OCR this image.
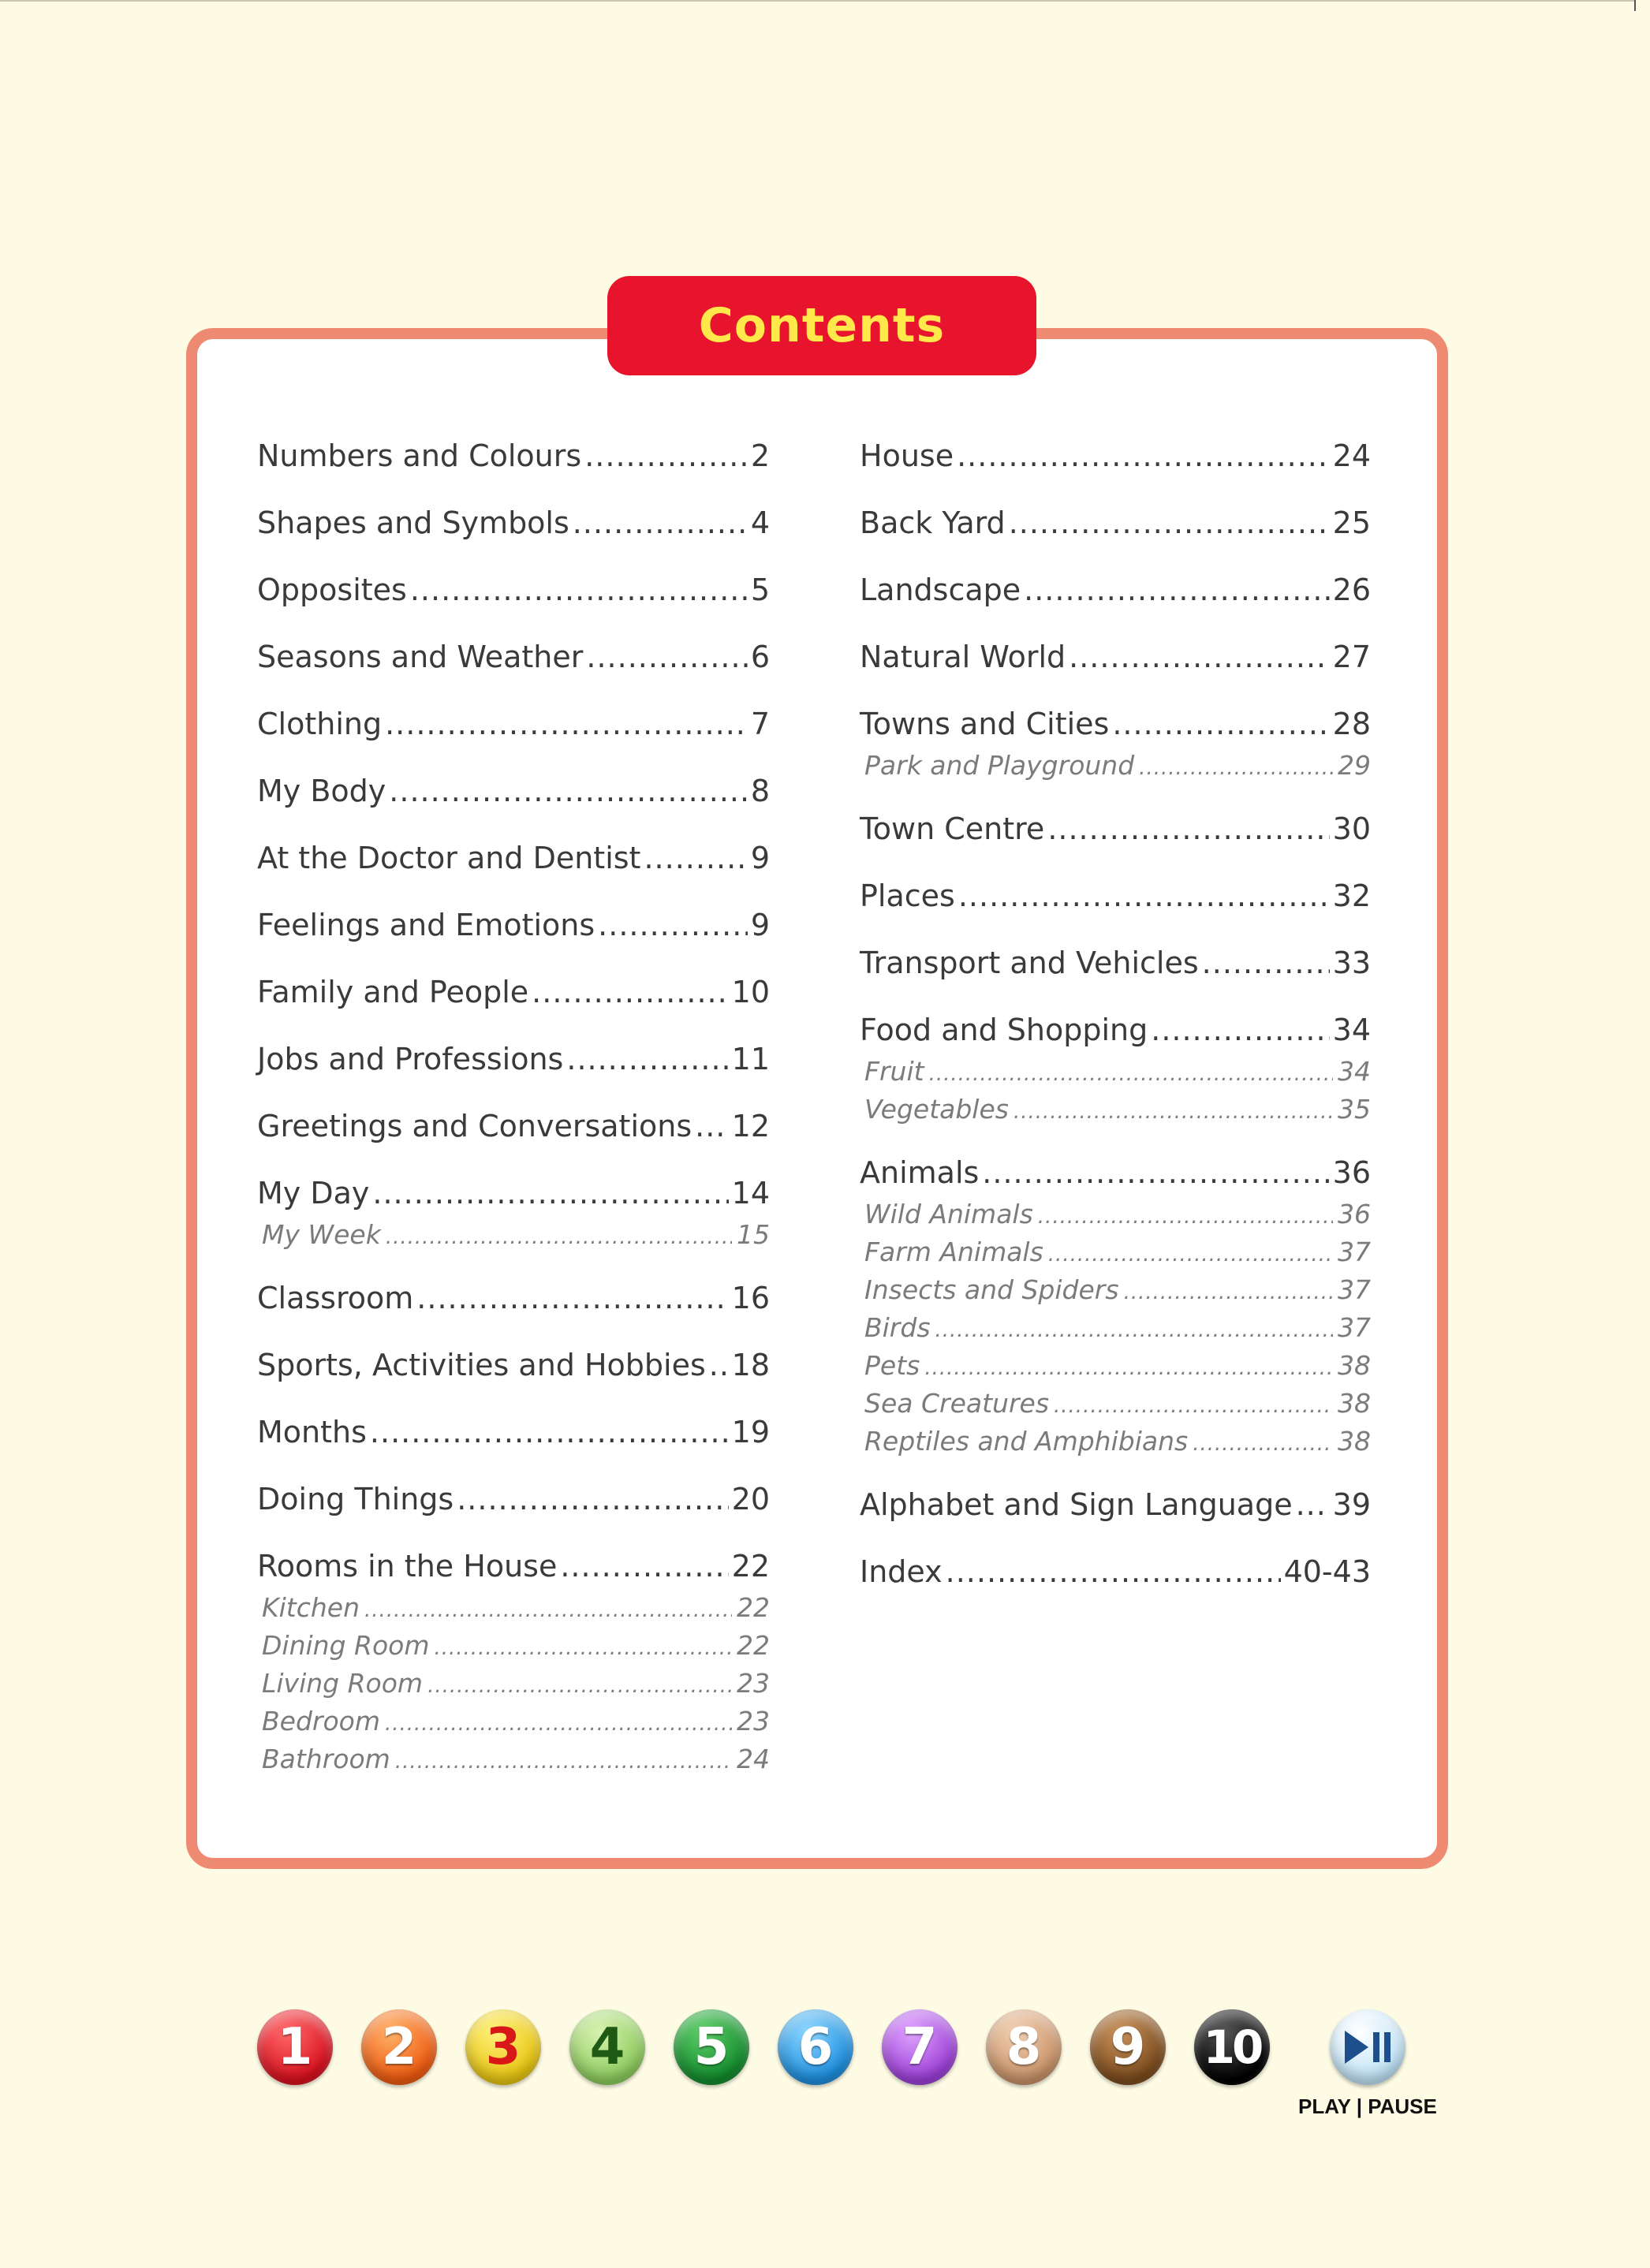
Contents
Numbers and Colours .....	2
Shapes and Symbols .....	4
Opposites .....	5
Seasons and Weather .....	6
Clothing .....	7
My Body .....	8
At the Doctor and Dentist .....	9
Feelings and Emotions .....	9
Family and People .....	10
Jobs and Professions .....	11
Greetings and Conversations ..... 12
My Day .....	14
My Week .....	15
Classroom .....	16
Sports, Activities and Hobbies ..... 18
Months .....	19
Doing Things .....	20
Rooms in the House .....	22
Kitchen .....	22
Dining Room .....	22
Living Room .....	23
Bedroom .....	23
Bathroom .....	24
House .....	24
Back Yard .....	25
Landscape .....	26
Natural World .....	27
Towns and Cities .....	28
Park and Playground .....	29
Town Centre .....	30
Places .....	32
Transport and Vehicles .....	33
Food and Shopping .....	34
Fruit .....	34
Vegetables .....	35
Animals .....	36
Wild Animals .....	36
Farm Animals .....	37
Insects and Spiders .....	37
Birds .....	37
Pets .....	38
Sea Creatures .....	38
Reptiles and Amphibians .....	38
Alphabet and Sign Language ..... 39
Index .....	40-43
1	2	3	4	5	6	7	8	9	10
PLAY | PAUSE
